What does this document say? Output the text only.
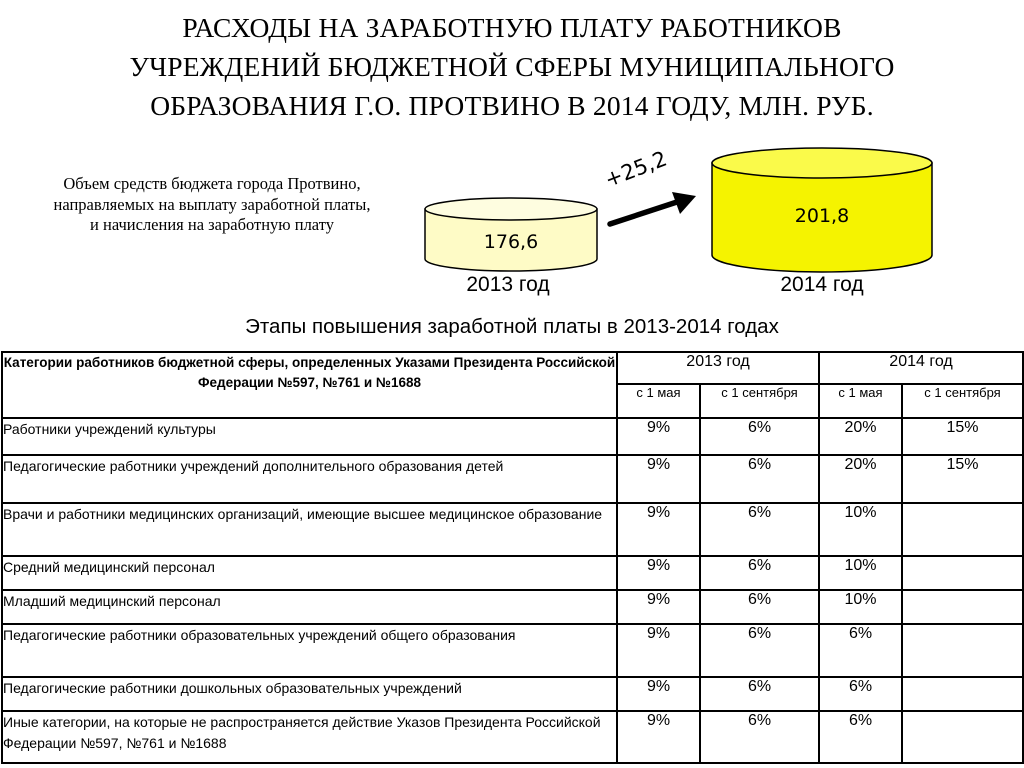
РАСХОДЫ НА ЗАРАБОТНУЮ ПЛАТУ РАБОТНИКОВ
УЧРЕЖДЕНИЙ БЮДЖЕТНОЙ СФЕРЫ МУНИЦИПАЛЬНОГО
ОБРАЗОВАНИЯ Г.О. ПРОТВИНО В 2014 ГОДУ, МЛН. РУБ.
Объем средств бюджета города Протвино, направляемых на выплату заработной платы, и начисления на заработную плату
176,6
2013 год
+25,2
201,8
2014 год
Этапы повышения заработной платы в 2013-2014 годах
Категории работников бюджетной сферы, определенных Указами Президента Российской Федерации №597, №761 и №1688	2013 год		2014 год	
	с 1 мая	с 1 сентября	с 1 мая	с 1 сентября
Работники учреждений культуры	9%	6%	20%	15%
Педагогические работники учреждений дополнительного образования детей	9%	6%	20%	15%
Врачи и работники медицинских организаций, имеющие высшее медицинское образование	9%	6%	10%	
Средний медицинский персонал	9%	6%	10%	
Младший медицинский персонал	9%	6%	10%	
Педагогические работники образовательных учреждений общего образования	9%	6%	6%	
Педагогические работники дошкольных образовательных учреждений	9%	6%	6%	
Иные категории, на которые не распространяется действие Указов Президента Российской Федерации №597, №761 и №1688	9%	6%	6%	
